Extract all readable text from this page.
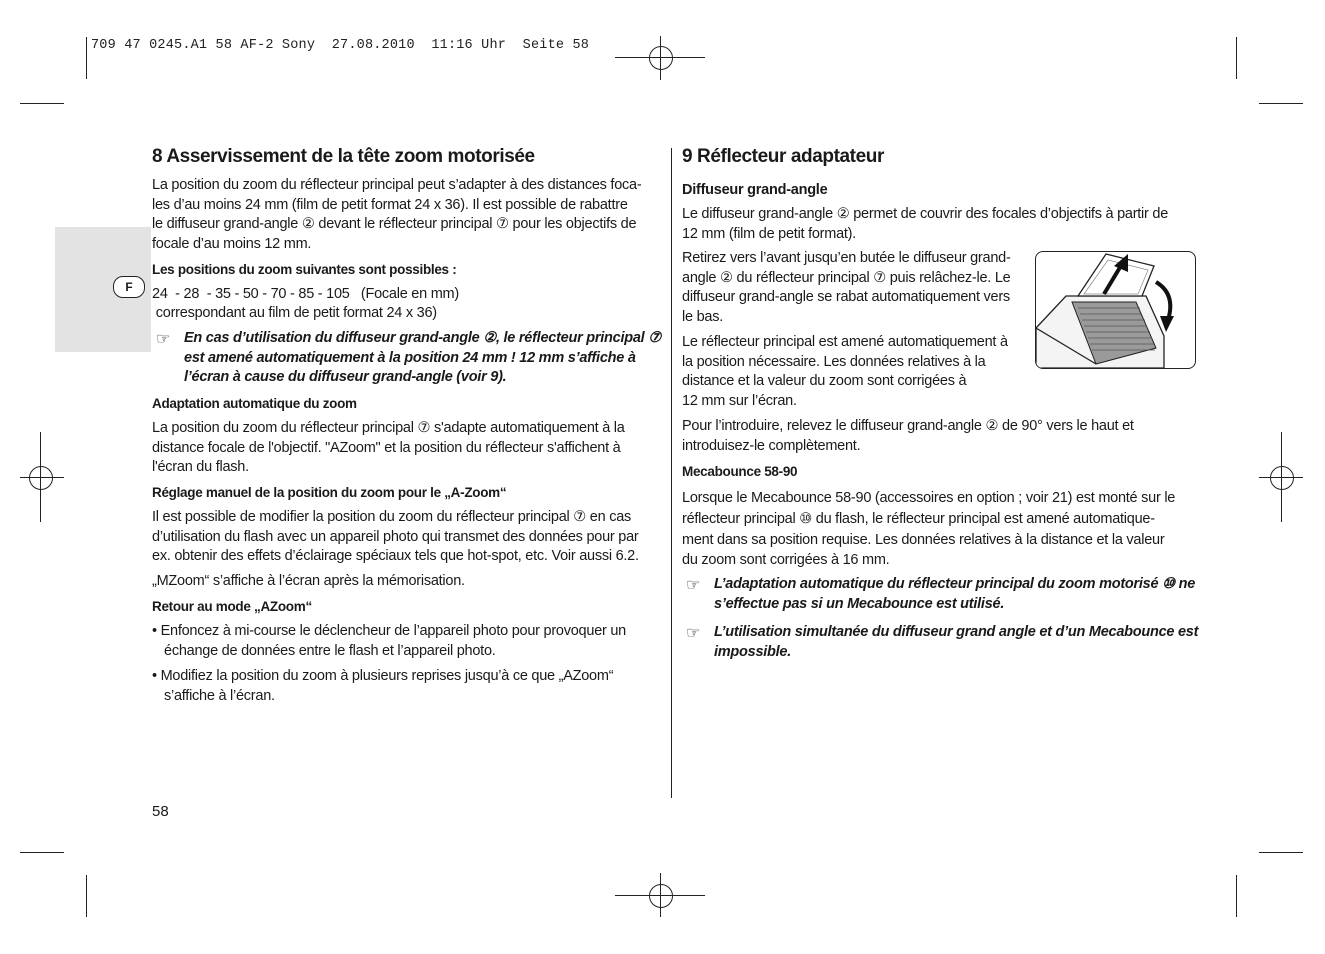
709 47 0245.A1 58 AF-2 Sony  27.08.2010  11:16 Uhr  Seite 58
F
8 Asservissement de la tête zoom motorisée
La position du zoom du réflecteur principal peut s’adapter à des distances foca-
les d’au moins 24 mm (film de petit format 24 x 36). Il est possible de rabattre
le diffuseur grand-angle ② devant le réflecteur principal ⑦ pour les objectifs de
focale d’au moins 12 mm.
Les positions du zoom suivantes sont possibles :
24  - 28  - 35 - 50 - 70 - 85 - 105   (Focale en mm)
correspondant au film de petit format 24 x 36)
☞ En cas d’utilisation du diffuseur grand-angle ②, le réflecteur principal ⑦
est amené automatiquement à la position 24 mm ! 12 mm s’affiche à
l’écran à cause du diffuseur grand-angle (voir 9).
Adaptation automatique du zoom
La position du zoom du réflecteur principal ⑦ s'adapte automatiquement à la
distance focale de l'objectif. "AZoom" et la position du réflecteur s'affichent à
l'écran du flash.
Réglage manuel de la position du zoom pour le „A-Zoom“
Il est possible de modifier la position du zoom du réflecteur principal ⑦ en cas
d’utilisation du flash avec un appareil photo qui transmet des données pour par
ex. obtenir des effets d’éclairage spéciaux tels que hot-spot, etc. Voir aussi 6.2.
„MZoom“ s’affiche à l’écran après la mémorisation.
Retour au mode „AZoom“
• Enfoncez à mi-course le déclencheur de l’appareil photo pour provoquer un
échange de données entre le flash et l’appareil photo.
• Modifiez la position du zoom à plusieurs reprises jusqu’à ce que „AZoom“
s’affiche à l’écran.
58
9 Réflecteur adaptateur
Diffuseur grand-angle
Le diffuseur grand-angle ② permet de couvrir des focales d’objectifs à partir de
12 mm (film de petit format).
Retirez vers l’avant jusqu’en butée le diffuseur grand-
angle ② du réflecteur principal ⑦ puis relâchez-le. Le
diffuseur grand-angle se rabat automatiquement vers
le bas.
Le réflecteur principal est amené automatiquement à
la position nécessaire. Les données relatives à la
distance et la valeur du zoom sont corrigées à
12 mm sur l’écran.
Pour l’introduire, relevez le diffuseur grand-angle ② de 90° vers le haut et
introduisez-le complètement.
Mecabounce 58-90
Lorsque le Mecabounce 58-90 (accessoires en option ; voir 21) est monté sur le
réflecteur principal ⑩ du flash, le réflecteur principal est amené automatique-
ment dans sa position requise. Les données relatives à la distance et la valeur
du zoom sont corrigées à 16 mm.
☞ L’adaptation automatique du réflecteur principal du zoom motorisé ⑩ ne
s’effectue pas si un Mecabounce est utilisé.
☞ L’utilisation simultanée du diffuseur grand angle et d’un Mecabounce est
impossible.
